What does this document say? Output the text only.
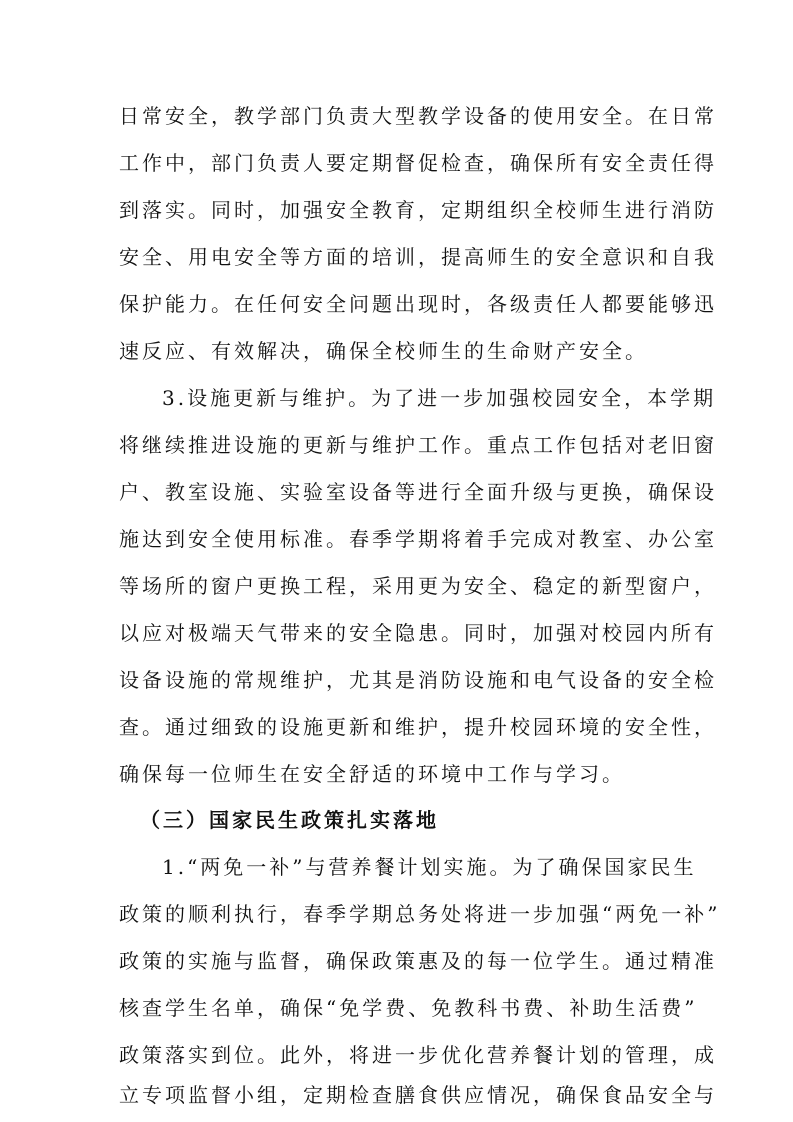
日常安全，教学部门负责大型教学设备的使用安全。在日常
工作中，部门负责人要定期督促检查，确保所有安全责任得
到落实。同时，加强安全教育，定期组织全校师生进行消防
安全、用电安全等方面的培训，提高师生的安全意识和自我
保护能力。在任何安全问题出现时，各级责任人都要能够迅
速反应、有效解决，确保全校师生的生命财产安全。
3.设施更新与维护。为了进一步加强校园安全，本学期
将继续推进设施的更新与维护工作。重点工作包括对老旧窗
户、教室设施、实验室设备等进行全面升级与更换，确保设
施达到安全使用标准。春季学期将着手完成对教室、办公室
等场所的窗户更换工程，采用更为安全、稳定的新型窗户，
以应对极端天气带来的安全隐患。同时，加强对校园内所有
设备设施的常规维护，尤其是消防设施和电气设备的安全检
查。通过细致的设施更新和维护，提升校园环境的安全性，
确保每一位师生在安全舒适的环境中工作与学习。
（三）国家民生政策扎实落地
1.“两免一补”与营养餐计划实施。为了确保国家民生
政策的顺利执行，春季学期总务处将进一步加强“两免一补”
政策的实施与监督，确保政策惠及的每一位学生。通过精准
核查学生名单，确保“免学费、免教科书费、补助生活费”
政策落实到位。此外，将进一步优化营养餐计划的管理，成
立专项监督小组，定期检查膳食供应情况，确保食品安全与
